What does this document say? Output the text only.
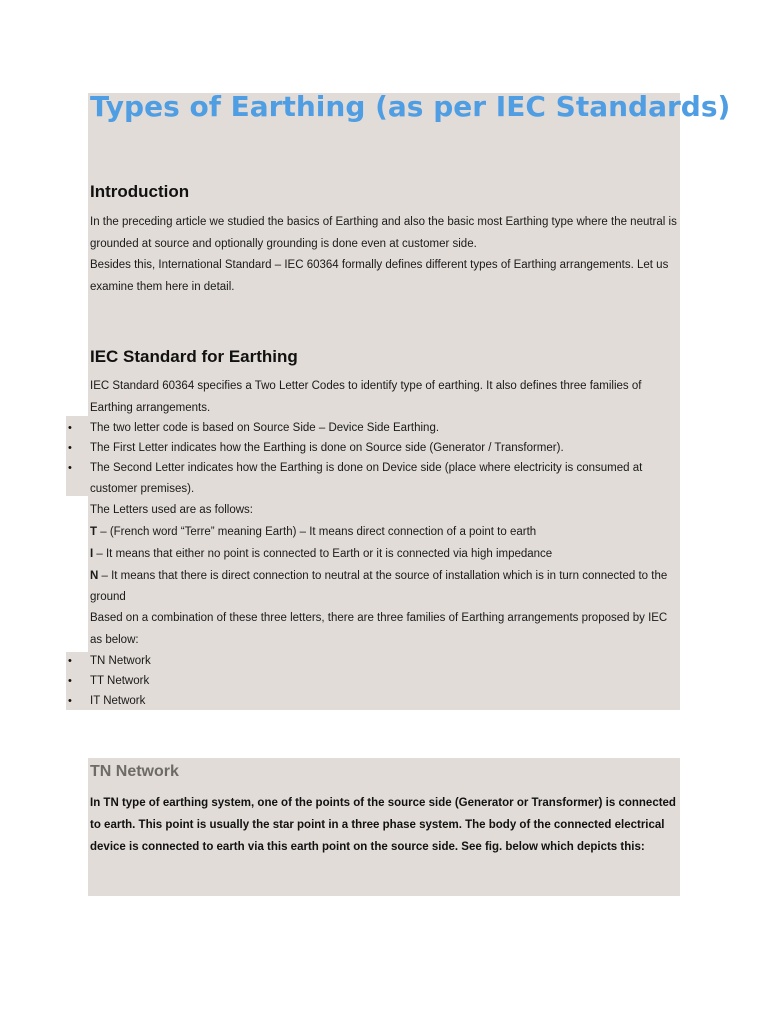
Types of Earthing (as per IEC Standards)
Introduction

In the preceding article we studied the basics of Earthing and also the basic most Earthing type where the neutral is grounded at source and optionally grounding is done even at customer side.

Besides this, International Standard – IEC 60364 formally defines different types of Earthing arrangements. Let us examine them here in detail.

IEC Standard for Earthing

IEC Standard 60364 specifies a Two Letter Codes to identify type of earthing. It also defines three families of Earthing arrangements.

• The two letter code is based on Source Side – Device Side Earthing.
• The First Letter indicates how the Earthing is done on Source side (Generator / Transformer).
• The Second Letter indicates how the Earthing is done on Device side (place where electricity is consumed at
customer premises).
The Letters used are as follows:
T – (French word “Terre” meaning Earth) – It means direct connection of a point to earth
I – It means that either no point is connected to Earth or it is connected via high impedance
N – It means that there is direct connection to neutral at the source of installation which is in turn connected to the
ground

Based on a combination of these three letters, there are three families of Earthing arrangements proposed by IEC as below:

• TN Network
• TT Network
• IT Network
TN Network

In TN type of earthing system, one of the points of the source side (Generator or Transformer) is connected to earth. This point is usually the star point in a three phase system. The body of the connected electrical device is connected to earth via this earth point on the source side. See fig. below which depicts this:
